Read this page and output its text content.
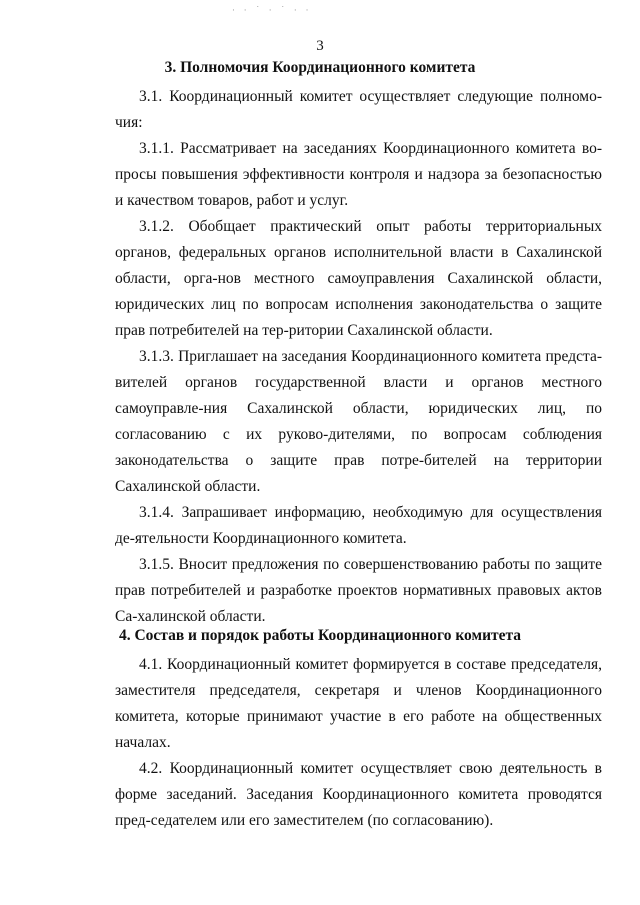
· · ˙ · ˙ · ·
3
3. Полномочия Координационного комитета

3.1. Координационный комитет осуществляет следующие полномо-чия:

3.1.1. Рассматривает на заседаниях Координационного комитета во-просы повышения эффективности контроля и надзора за безопасностью и качеством товаров, работ и услуг.

3.1.2. Обобщает практический опыт работы территориальных органов, федеральных органов исполнительной власти в Сахалинской области, орга-нов местного самоуправления Сахалинской области, юридических лиц по вопросам исполнения законодательства о защите прав потребителей на тер-ритории Сахалинской области.

3.1.3. Приглашает на заседания Координационного комитета предста-вителей органов государственной власти и органов местного самоуправле-ния Сахалинской области, юридических лиц, по согласованию с их руково-дителями, по вопросам соблюдения законодательства о защите прав потре-бителей на территории Сахалинской области.

3.1.4. Запрашивает информацию, необходимую для осуществления де-ятельности Координационного комитета.

3.1.5. Вносит предложения по совершенствованию работы по защите прав потребителей и разработке проектов нормативных правовых актов Са-халинской области.

4. Состав и порядок работы Координационного комитета

4.1. Координационный комитет формируется в составе председателя, заместителя председателя, секретаря и членов Координационного комитета, которые принимают участие в его работе на общественных началах.

4.2. Координационный комитет осуществляет свою деятельность в форме заседаний. Заседания Координационного комитета проводятся пред-седателем или его заместителем (по согласованию).
